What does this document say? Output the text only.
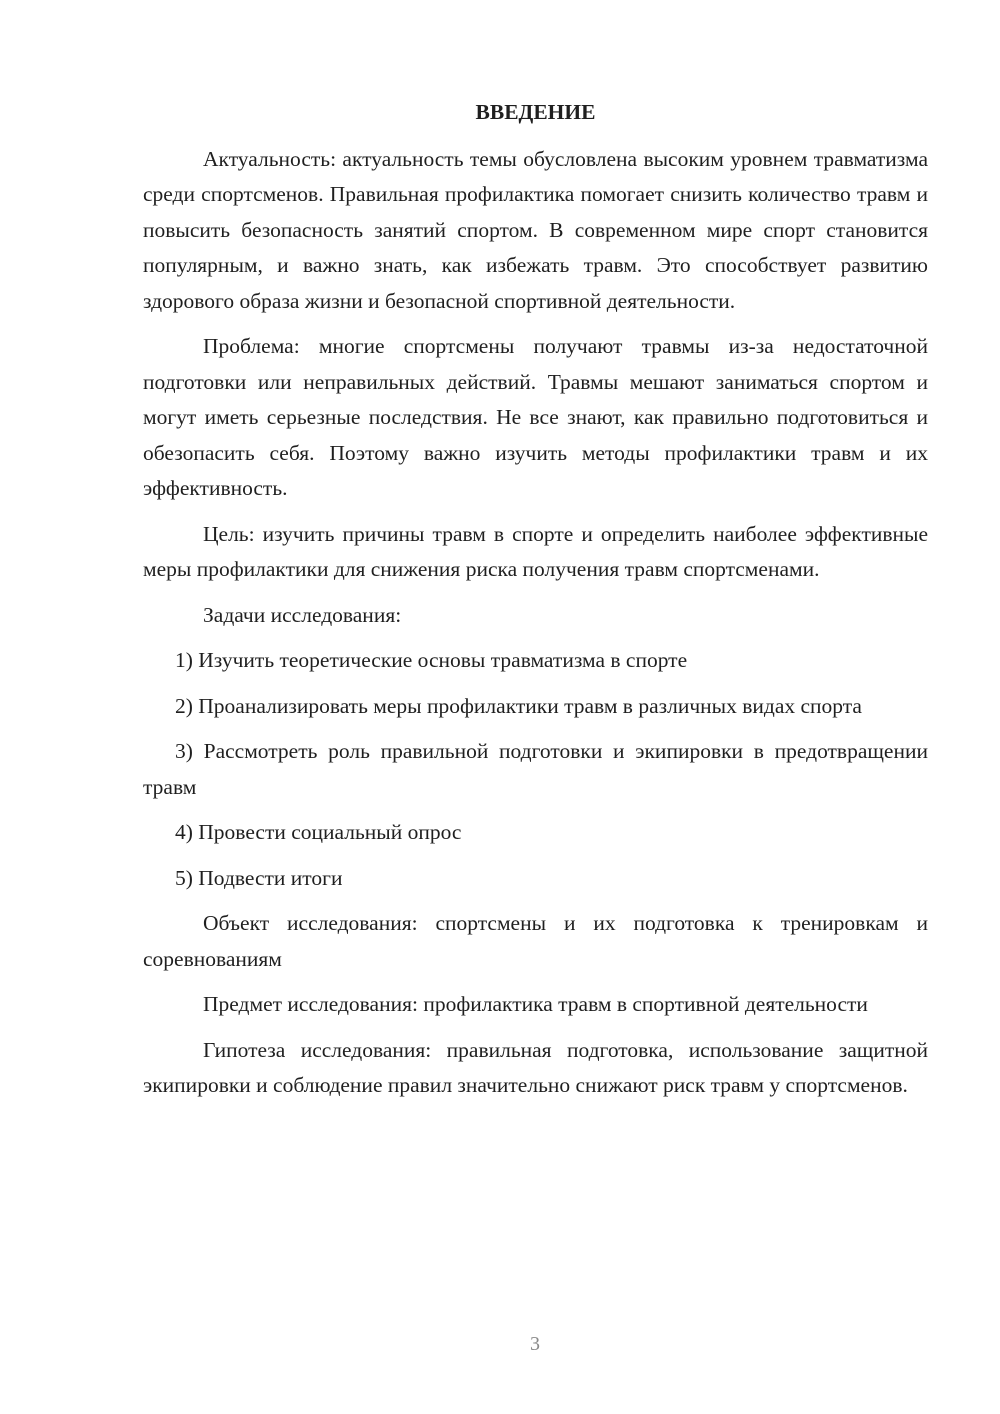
ВВЕДЕНИЕ

Актуальность: актуальность темы обусловлена высоким уровнем травматизма среди спортсменов. Правильная профилактика помогает снизить количество травм и повысить безопасность занятий спортом. В современном мире спорт становится популярным, и важно знать, как избежать травм. Это способствует развитию здорового образа жизни и безопасной спортивной деятельности.

Проблема: многие спортсмены получают травмы из-за недостаточной подготовки или неправильных действий. Травмы мешают заниматься спортом и могут иметь серьезные последствия. Не все знают, как правильно подготовиться и обезопасить себя. Поэтому важно изучить методы профилактики травм и их эффективность.

Цель: изучить причины травм в спорте и определить наиболее эффективные меры профилактики для снижения риска получения травм спортсменами.

Задачи исследования:

1) Изучить теоретические основы травматизма в спорте

2) Проанализировать меры профилактики травм в различных видах спорта

3) Рассмотреть роль правильной подготовки и экипировки в предотвращении травм

4) Провести социальный опрос

5) Подвести итоги

Объект исследования: спортсмены и их подготовка к тренировкам и соревнованиям

Предмет исследования: профилактика травм в спортивной деятельности

Гипотеза исследования: правильная подготовка, использование защитной экипировки и соблюдение правил значительно снижают риск травм у спортсменов.

3
